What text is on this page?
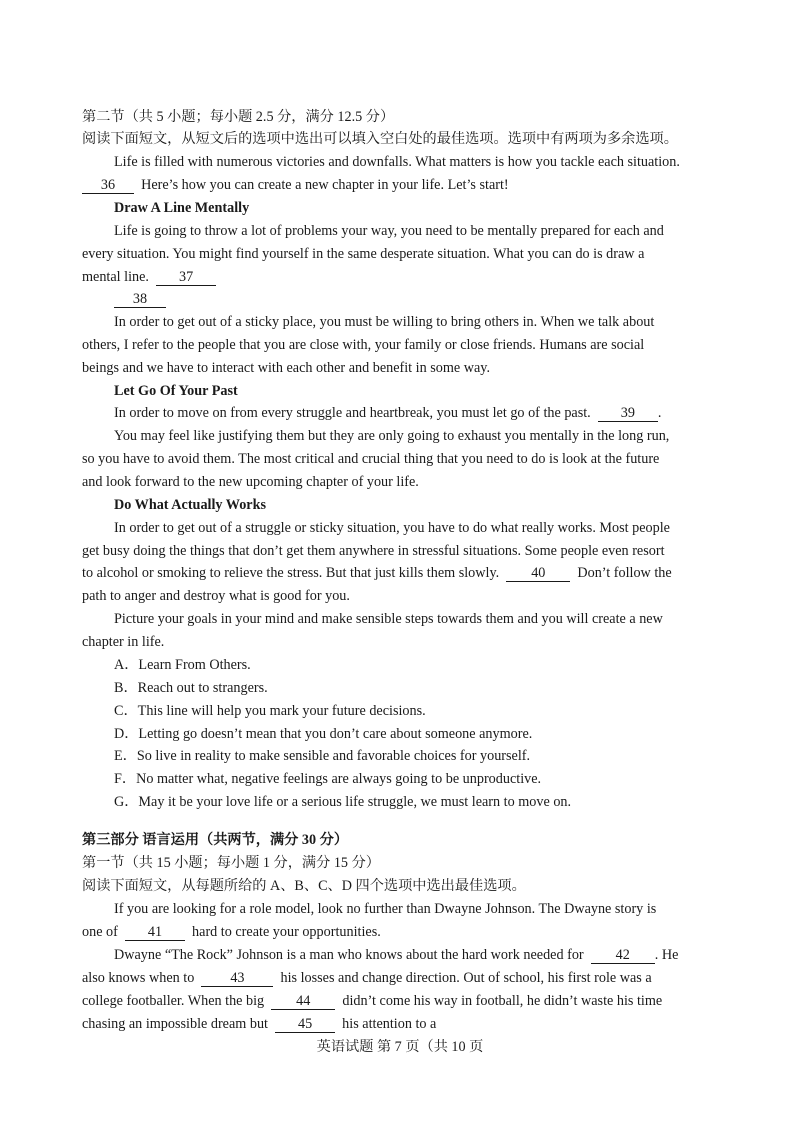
第二节（共 5 小题；每小题 2.5 分，满分 12.5 分）

阅读下面短文，从短文后的选项中选出可以填入空白处的最佳选项。选项中有两项为多余选项。

Life is filled with numerous victories and downfalls. What matters is how you tackle each situation.

36 Here’s how you can create a new chapter in your life. Let’s start!

Draw A Line Mentally

Life is going to throw a lot of problems your way, you need to be mentally prepared for each and

every situation. You might find yourself in the same desperate situation. What you can do is draw a

mental line. 37

38

In order to get out of a sticky place, you must be willing to bring others in. When we talk about

others, I refer to the people that you are close with, your family or close friends. Humans are social

beings and we have to interact with each other and benefit in some way.

Let Go Of Your Past

In order to move on from every struggle and heartbreak, you must let go of the past. 39 .

You may feel like justifying them but they are only going to exhaust you mentally in the long run,

so you have to avoid them. The most critical and crucial thing that you need to do is look at the future

and look forward to the new upcoming chapter of your life.

Do What Actually Works

In order to get out of a struggle or sticky situation, you have to do what really works. Most people

get busy doing the things that don’t get them anywhere in stressful situations. Some people even resort

to alcohol or smoking to relieve the stress. But that just kills them slowly. 40 Don’t follow the

path to anger and destroy what is good for you.

Picture your goals in your mind and make sensible steps towards them and you will create a new

chapter in life.

A．Learn From Others.

B．Reach out to strangers.

C．This line will help you mark your future decisions.

D．Letting go doesn’t mean that you don’t care about someone anymore.

E．So live in reality to make sensible and favorable choices for yourself.

F．No matter what, negative feelings are always going to be unproductive.

G．May it be your love life or a serious life struggle, we must learn to move on.

第三部分 语言运用（共两节，满分 30 分）

第一节（共 15 小题；每小题 1 分，满分 15 分）

阅读下面短文，从每题所给的 A、B、C、D 四个选项中选出最佳选项。

If you are looking for a role model, look no further than Dwayne Johnson. The Dwayne story is

one of 41 hard to create your opportunities.

Dwayne “The Rock” Johnson is a man who knows about the hard work needed for 42 . He

also knows when to	43	his losses and change direction. Out of school, his first role was a

college footballer. When the big 44 didn’t come his way in football, he didn’t waste his time

chasing an impossible dream but 45 his attention to a

英语试题 第 7 页（共 10 页
